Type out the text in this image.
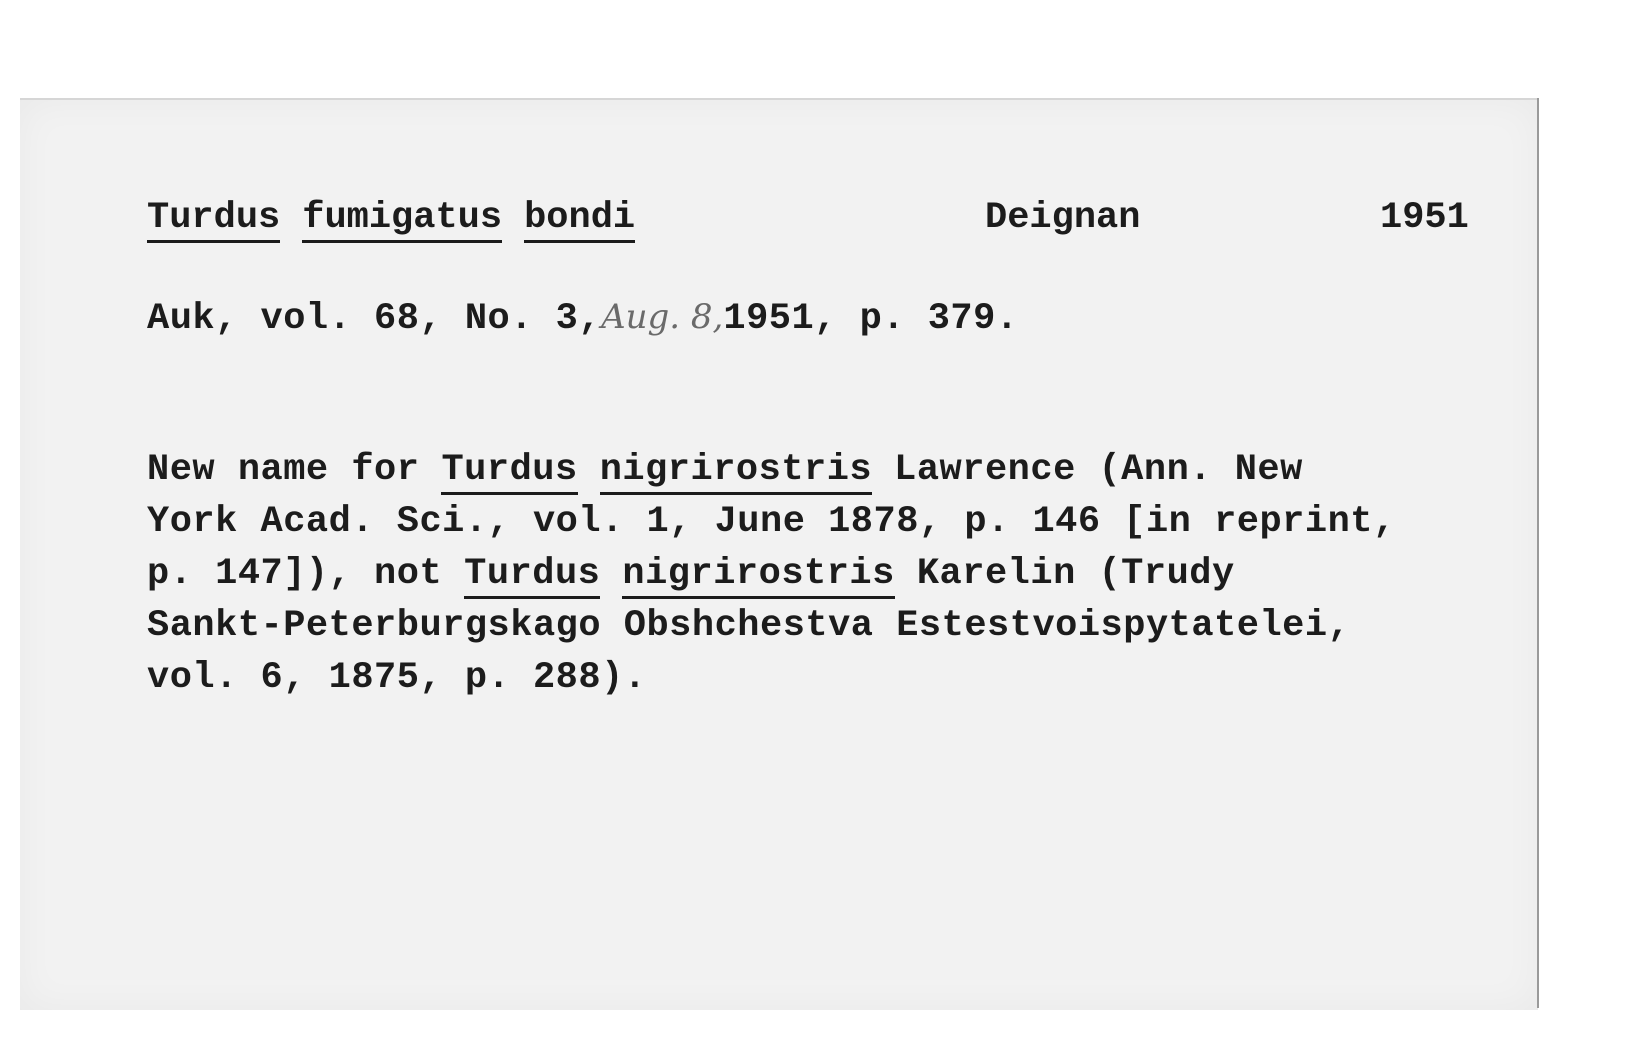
Turdus fumigatus bondi	Deignan	1951
Auk, vol. 68, No. 3,Aug. 8,1951, p. 379.
New name for Turdus nigrirostris Lawrence (Ann. New
York Acad. Sci., vol. 1, June 1878, p. 146 [in reprint,
p. 147]), not Turdus nigrirostris Karelin (Trudy
Sankt-Peterburgskago Obshchestva Estestvoispytatelei,
vol. 6, 1875, p. 288).
